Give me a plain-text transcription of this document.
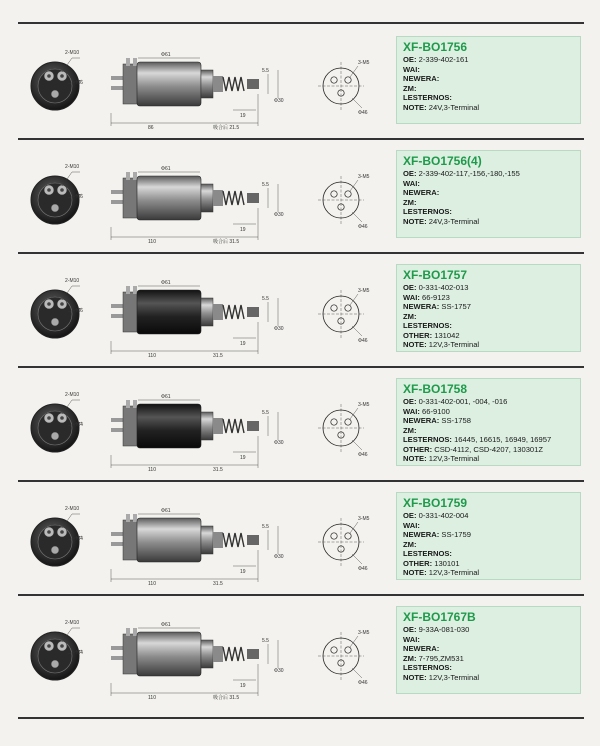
2-M10
M6
Φ61
86	吸合后 21.5
19
5.5
Φ30
3-M5
Φ46
XF-BO1756
OE: 2-339-402-161
WAI:
NEWERA:
ZM:
LESTERNOS:
NOTE: 24V,3-Terminal
2-M10
M6
Φ61
110	吸合后 31.5
19
5.5
Φ30
3-M5
Φ46
XF-BO1756(4)
OE: 2-339-402-117,-156,-180,-155
WAI:
NEWERA:
ZM:
LESTERNOS:
NOTE: 24V,3-Terminal
2-M10
M6
Φ61
110	31.5
19
5.5
Φ30
3-M5
Φ46
XF-BO1757
OE: 0-331-402-013
WAI: 66-9123
NEWERA: SS-1757
ZM:
LESTERNOS:
OTHER: 131042
NOTE: 12V,3-Terminal
2-M10
M4
Φ61
110	31.5
19
5.5
Φ30
3-M5
Φ46
XF-BO1758
OE: 0-331-402-001, -004, -016
WAI: 66-9100
NEWERA: SS-1758
ZM:
LESTERNOS: 16445, 16615, 16949, 16957
OTHER: CSD-4112, CSD-4207, 130301Z
NOTE: 12V,3-Terminal
2-M10
M4
Φ61
110	31.5
19
5.5
Φ30
3-M5
Φ46
XF-BO1759
OE: 0-331-402-004
WAI:
NEWERA: SS-1759
ZM:
LESTERNOS:
OTHER: 130101
NOTE: 12V,3-Terminal
2-M10
M4
Φ61
110	吸合后 31.5
19
5.5
Φ30
3-M5
Φ46
XF-BO1767B
OE: 9-33A-081-030
WAI:
NEWERA:
ZM: 7-795,ZM531
LESTERNOS:
NOTE: 12V,3-Terminal
